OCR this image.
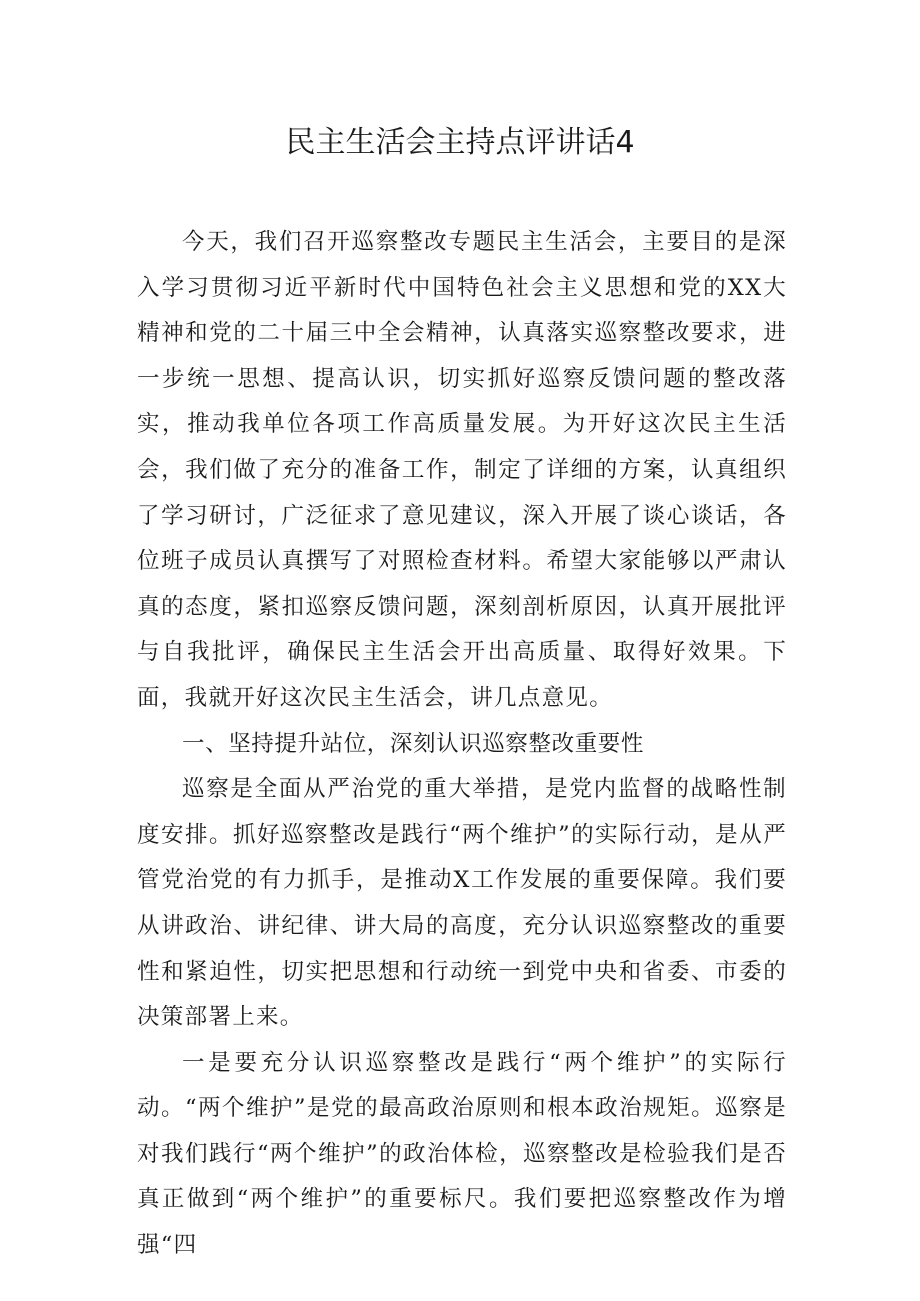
民主生活会主持点评讲话4

今天，我们召开巡察整改专题民主生活会，主要目的是深入学习贯彻习近平新时代中国特色社会主义思想和党的XX大精神和党的二十届三中全会精神，认真落实巡察整改要求，进一步统一思想、提高认识，切实抓好巡察反馈问题的整改落实，推动我单位各项工作高质量发展。为开好这次民主生活会，我们做了充分的准备工作，制定了详细的方案，认真组织了学习研讨，广泛征求了意见建议，深入开展了谈心谈话，各位班子成员认真撰写了对照检查材料。希望大家能够以严肃认真的态度，紧扣巡察反馈问题，深刻剖析原因，认真开展批评与自我批评，确保民主生活会开出高质量、取得好效果。下面，我就开好这次民主生活会，讲几点意见。

一、坚持提升站位，深刻认识巡察整改重要性

巡察是全面从严治党的重大举措，是党内监督的战略性制度安排。抓好巡察整改是践行“两个维护”的实际行动，是从严管党治党的有力抓手，是推动X工作发展的重要保障。我们要从讲政治、讲纪律、讲大局的高度，充分认识巡察整改的重要性和紧迫性，切实把思想和行动统一到党中央和省委、市委的决策部署上来。

一是要充分认识巡察整改是践行“两个维护”的实际行动。“两个维护”是党的最高政治原则和根本政治规矩。巡察是对我们践行“两个维护”的政治体检，巡察整改是检验我们是否真正做到“两个维护”的重要标尺。我们要把巡察整改作为增强“四
